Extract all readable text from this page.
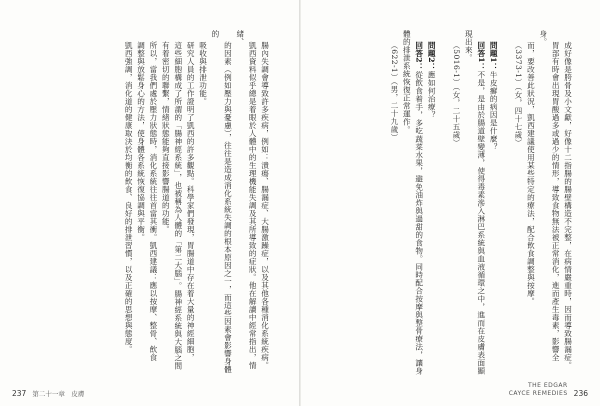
腸內失調會導致許多疾病，例如：潰瘍、腸漏症、大腸激躁症，以及其他各種消化系統疾病。
凱西資料似乎總是着眼於人體中的生理機能失調及其所導致的症狀。他在解讀中經常指出，情緒、
的因素（例如壓力與憂慮），往往是造成消化系統失調的根本原因之一，而這些因素會影響身體的
吸收與排泄功能。
研究人員的工作證明了凱西的許多觀點。科學家們發現，胃腸道中存在着大量的神經細胞，
這些細胞構成了所謂的「腸神經系統」，也被稱為人體的「第二大腦」。腸神經系統與大腦之間
有着密切的聯繫，情緒狀態能夠直接影響腸道的功能。
所以，當我們處於壓力狀態時，消化系統往往首當其衝。凱西建議：應以按摩、整骨、飲食
調整與放鬆身心的方法，使身體各系統恢復協調與平衡。
凱西強調，消化道的健康取決於均衡的飲食、良好的排泄習慣，以及正確的思想與態度。

237 第二十一章　皮膚

成好像是胯骨及小文獻，好像十二指腸的腸壁構造不完整，在病情嚴重時，因而導致腸漏症。
胃部有時會出現胃酸過多或過少的情形，導致食物無法被正常消化，進而產生毒素，影響全身。
而，要改善此狀況，凱西建議使用某些特定的療法，配合飲食調整與按摩。
（3373-1）（女，四十七歲）

問題1：牛皮癬的病因是什麼？
回答1：不是，是由於腸道壁變薄，使得毒素滲入淋巴系統與血液循環之中，進而在皮膚表面顯現出來。
（5016-1）（女，二十五歲）

問題2：應如何治療？
回答2：從飲食着手，多吃蔬菜水果，避免油炸與過甜的食物。同時配合按摩與整骨療法，讓身體的排泄系統恢復正常運作。
（622-1）（男，二十九歲）

THE EDGAR
CAYCE REMEDIES 236
